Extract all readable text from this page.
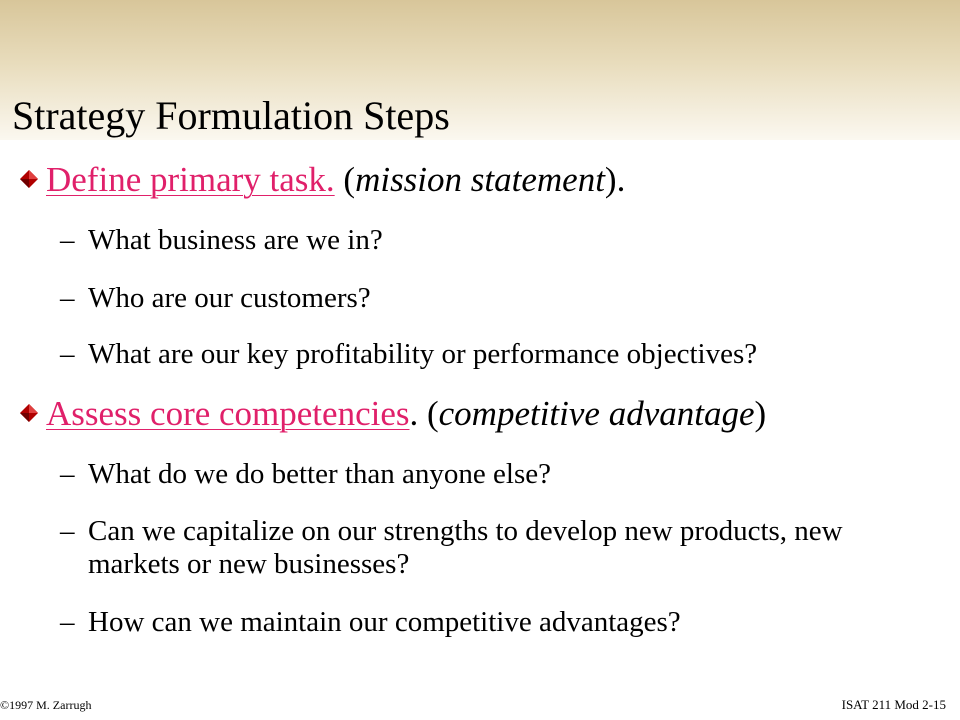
Strategy Formulation Steps
Define primary task. (mission statement).
– What business are we in?
– Who are our customers?
– What are our key profitability or performance objectives?
Assess core competencies. (competitive advantage)
– What do we do better than anyone else?
– Can we capitalize on our strengths to develop new products, new markets or new businesses?
– How can we maintain our competitive advantages?
©1997 M. Zarrugh	ISAT 211 Mod 2-15
